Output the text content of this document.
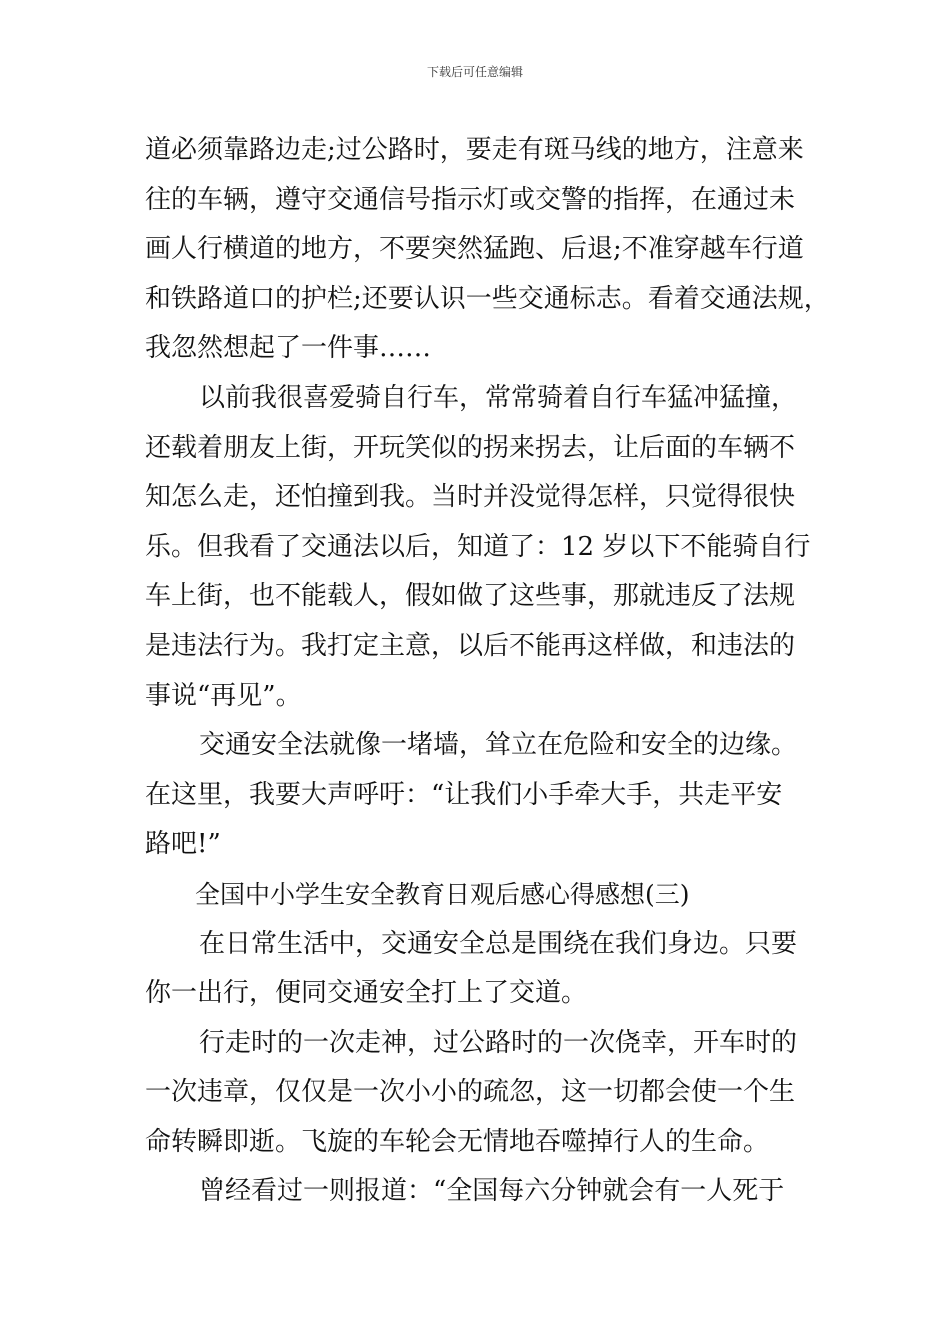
下载后可任意编辑
道必须靠路边走;过公路时，要走有斑马线的地方，注意来
往的车辆，遵守交通信号指示灯或交警的指挥，在通过未
画人行横道的地方，不要突然猛跑、后退;不准穿越车行道
和铁路道口的护栏;还要认识一些交通标志。看着交通法规，
我忽然想起了一件事……
以前我很喜爱骑自行车，常常骑着自行车猛冲猛撞，
还载着朋友上街，开玩笑似的拐来拐去，让后面的车辆不
知怎么走，还怕撞到我。当时并没觉得怎样，只觉得很快
乐。但我看了交通法以后，知道了：12 岁以下不能骑自行
车上街，也不能载人，假如做了这些事，那就违反了法规
是违法行为。我打定主意，以后不能再这样做，和违法的
事说“再见”。
交通安全法就像一堵墙，耸立在危险和安全的边缘。
在这里，我要大声呼吁：“让我们小手牵大手，共走平安
路吧!”
全国中小学生安全教育日观后感心得感想(三)
在日常生活中，交通安全总是围绕在我们身边。只要
你一出行，便同交通安全打上了交道。
行走时的一次走神，过公路时的一次侥幸，开车时的
一次违章，仅仅是一次小小的疏忽，这一切都会使一个生
命转瞬即逝。飞旋的车轮会无情地吞噬掉行人的生命。
曾经看过一则报道：“全国每六分钟就会有一人死于
